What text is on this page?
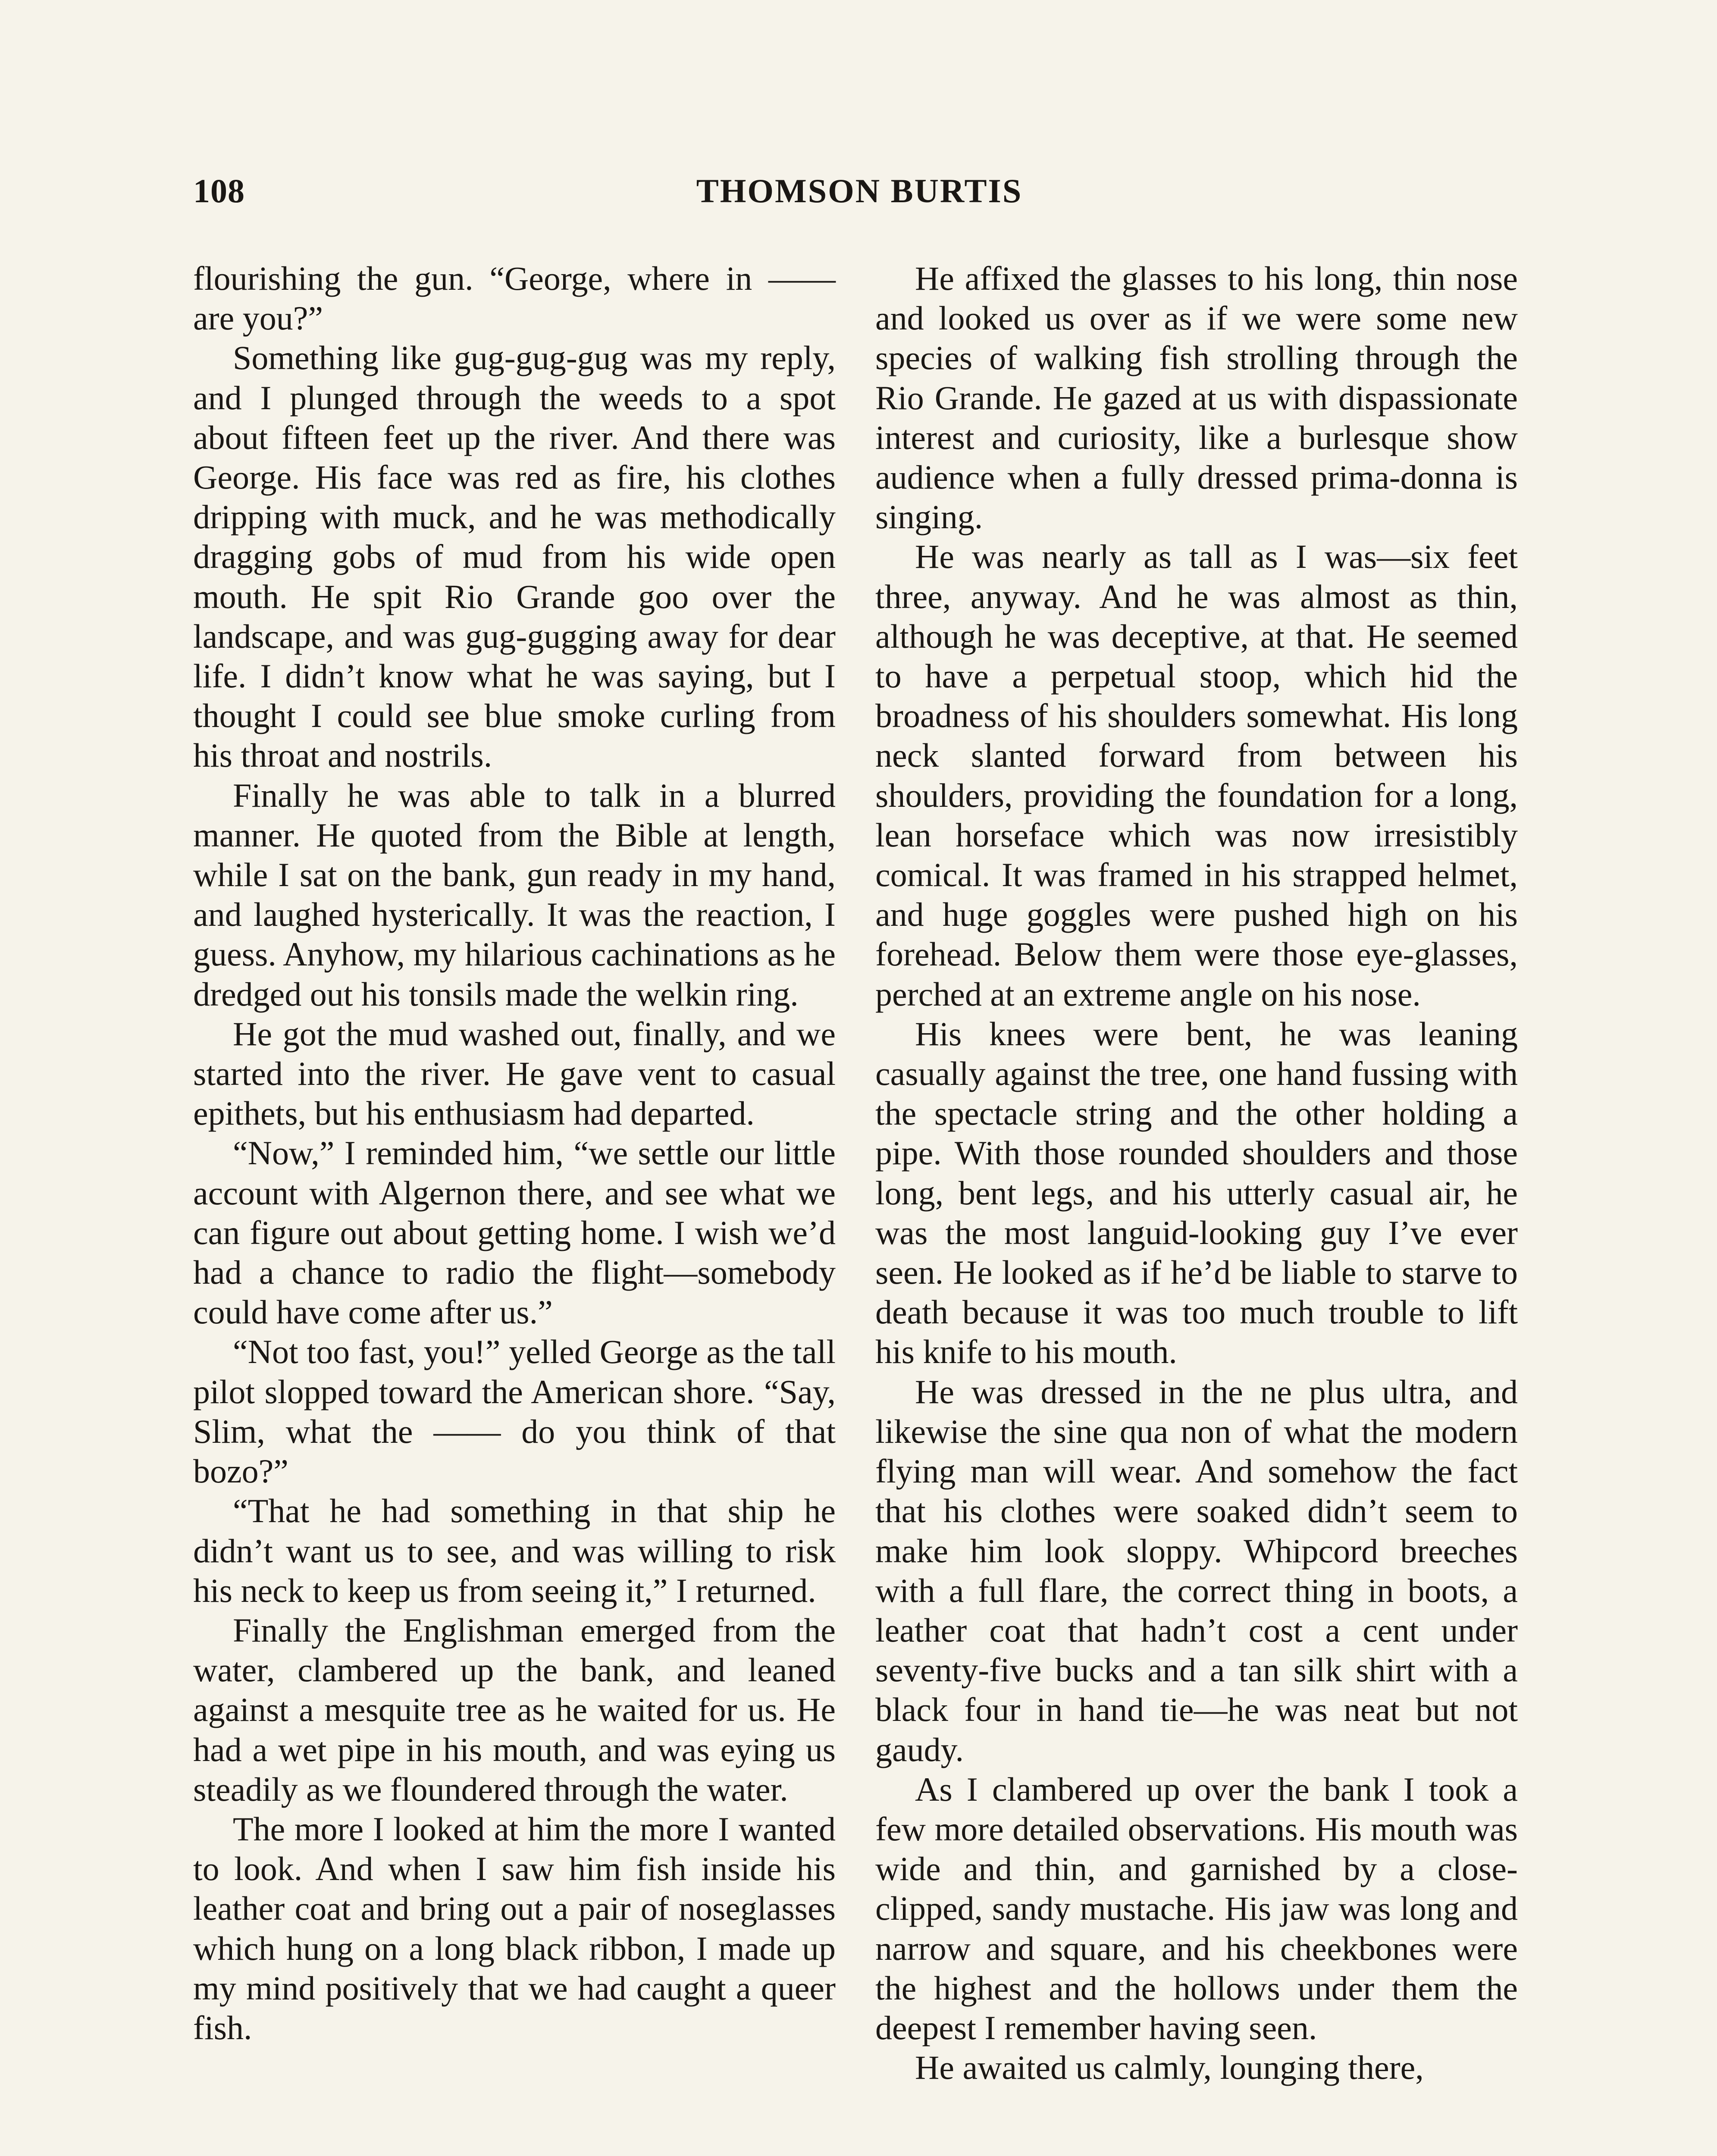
108	THOMSON BURTIS

flourishing the gun. “George, where in —— are you?”

Something like gug-gug-gug was my reply, and I plunged through the weeds to a spot about fifteen feet up the river. And there was George. His face was red as fire, his clothes dripping with muck, and he was methodically dragging gobs of mud from his wide open mouth. He spit Rio Grande goo over the landscape, and was gug-gugging away for dear life. I didn’t know what he was saying, but I thought I could see blue smoke curling from his throat and nostrils.

Finally he was able to talk in a blurred manner. He quoted from the Bible at length, while I sat on the bank, gun ready in my hand, and laughed hysterically. It was the reaction, I guess. Anyhow, my hilarious cachinations as he dredged out his tonsils made the welkin ring.

He got the mud washed out, finally, and we started into the river. He gave vent to casual epithets, but his enthusiasm had departed.

“Now,” I reminded him, “we settle our little account with Algernon there, and see what we can figure out about getting home. I wish we’d had a chance to radio the flight—somebody could have come after us.”

“Not too fast, you!” yelled George as the tall pilot slopped toward the American shore. “Say, Slim, what the —— do you think of that bozo?”

“That he had something in that ship he didn’t want us to see, and was willing to risk his neck to keep us from seeing it,” I returned.

Finally the Englishman emerged from the water, clambered up the bank, and leaned against a mesquite tree as he waited for us. He had a wet pipe in his mouth, and was eying us steadily as we floundered through the water.

The more I looked at him the more I wanted to look. And when I saw him fish inside his leather coat and bring out a pair of noseglasses which hung on a long black ribbon, I made up my mind positively that we had caught a queer fish.

He affixed the glasses to his long, thin nose and looked us over as if we were some new species of walking fish strolling through the Rio Grande. He gazed at us with dispassionate interest and curiosity, like a burlesque show audience when a fully dressed prima-donna is singing.

He was nearly as tall as I was—six feet three, anyway. And he was almost as thin, although he was deceptive, at that. He seemed to have a perpetual stoop, which hid the broadness of his shoulders somewhat. His long neck slanted forward from between his shoulders, providing the foundation for a long, lean horseface which was now irresistibly comical. It was framed in his strapped helmet, and huge goggles were pushed high on his forehead. Below them were those eye-glasses, perched at an extreme angle on his nose.

His knees were bent, he was leaning casually against the tree, one hand fussing with the spectacle string and the other holding a pipe. With those rounded shoulders and those long, bent legs, and his utterly casual air, he was the most languid-looking guy I’ve ever seen. He looked as if he’d be liable to starve to death because it was too much trouble to lift his knife to his mouth.

He was dressed in the ne plus ultra, and likewise the sine qua non of what the modern flying man will wear. And somehow the fact that his clothes were soaked didn’t seem to make him look sloppy. Whipcord breeches with a full flare, the correct thing in boots, a leather coat that hadn’t cost a cent under seventy-five bucks and a tan silk shirt with a black four in hand tie—he was neat but not gaudy.

As I clambered up over the bank I took a few more detailed observations. His mouth was wide and thin, and garnished by a close-clipped, sandy mustache. His jaw was long and narrow and square, and his cheekbones were the highest and the hollows under them the deepest I remember having seen.

He awaited us calmly, lounging there,
